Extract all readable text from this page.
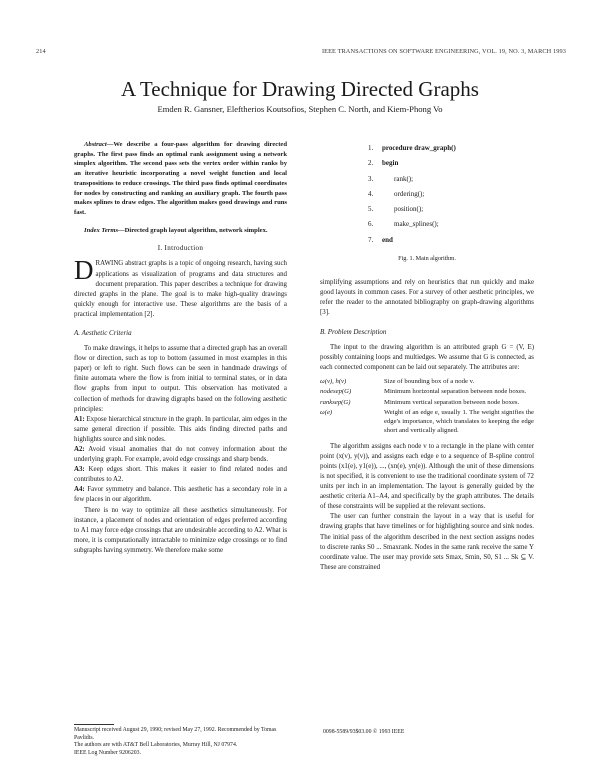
214	IEEE TRANSACTIONS ON SOFTWARE ENGINEERING, VOL. 19, NO. 3, MARCH 1993
A Technique for Drawing Directed Graphs
Emden R. Gansner, Eleftherios Koutsofios, Stephen C. North, and Kiem-Phong Vo

Abstract—We describe a four-pass algorithm for drawing directed graphs. The first pass finds an optimal rank assignment using a network simplex algorithm. The second pass sets the vertex order within ranks by an iterative heuristic incorporating a novel weight function and local transpositions to reduce crossings. The third pass finds optimal coordinates for nodes by constructing and ranking an auxiliary graph. The fourth pass makes splines to draw edges. The algorithm makes good drawings and runs fast.

Index Terms—Directed graph layout algorithm, network simplex.

I. Introduction

DRAWING abstract graphs is a topic of ongoing research, having such applications as visualization of programs and data structures and document preparation. This paper describes a technique for drawing directed graphs in the plane. The goal is to make high-quality drawings quickly enough for interactive use. These algorithms are the basis of a practical implementation [2].

A. Aesthetic Criteria

To make drawings, it helps to assume that a directed graph has an overall flow or direction, such as top to bottom (assumed in most examples in this paper) or left to right. Such flows can be seen in handmade drawings of finite automata where the flow is from initial to terminal states, or in data flow graphs from input to output. This observation has motivated a collection of methods for drawing digraphs based on the following aesthetic principles:

A1: Expose hierarchical structure in the graph. In particular, aim edges in the same general direction if possible. This aids finding directed paths and highlights source and sink nodes.

A2: Avoid visual anomalies that do not convey information about the underlying graph. For example, avoid edge crossings and sharp bends.

A3: Keep edges short. This makes it easier to find related nodes and contributes to A2.

A4: Favor symmetry and balance. This aesthetic has a secondary role in a few places in our algorithm.

There is no way to optimize all these aesthetics simultaneously. For instance, a placement of nodes and orientation of edges preferred according to A1 may force edge crossings that are undesirable according to A2. What is more, it is computationally intractable to minimize edge crossings or to find subgraphs having symmetry. We therefore make some

Manuscript received August 29, 1990; revised May 27, 1992. Recommended by Tomas Pavlidis.
The authors are with AT&T Bell Laboratories, Murray Hill, NJ 07974.
IEEE Log Number 9206203.
1. procedure draw_graph()
2. begin
3.	rank();
4.	ordering();
5.	position();
6.	make_splines();
7. end
Fig. 1. Main algorithm.

simplifying assumptions and rely on heuristics that run quickly and make good layouts in common cases. For a survey of other aesthetic principles, we refer the reader to the annotated bibliography on graph-drawing algorithms [3].

B. Problem Description

The input to the drawing algorithm is an attributed graph G = (V, E) possibly containing loops and multiedges. We assume that G is connected, as each connected component can be laid out separately. The attributes are:

ω(v), h(v)	Size of bounding box of a node v.
nodesep(G)	Minimum horizontal separation between node boxes.
ranksep(G)	Minimum vertical separation between node boxes.
ω(e)	Weight of an edge e, usually 1. The weight signifies the edge's importance, which translates to keeping the edge short and vertically aligned.

The algorithm assigns each node v to a rectangle in the plane with center point (x(v), y(v)), and assigns each edge e to a sequence of B-spline control points (x1(e), y1(e)), ..., (xn(e), yn(e)). Although the unit of these dimensions is not specified, it is convenient to use the traditional coordinate system of 72 units per inch in an implementation. The layout is generally guided by the aesthetic criteria A1–A4, and specifically by the graph attributes. The details of these constraints will be supplied at the relevant sections.

The user can further constrain the layout in a way that is useful for drawing graphs that have timelines or for highlighting source and sink nodes. The initial pass of the algorithm described in the next section assigns nodes to discrete ranks S0 ... Smaxrank. Nodes in the same rank receive the same Y coordinate value. The user may provide sets Smax, Smin, S0, S1 ... Sk ⊆ V. These are constrained

0098-5589/93$03.00 © 1993 IEEE
